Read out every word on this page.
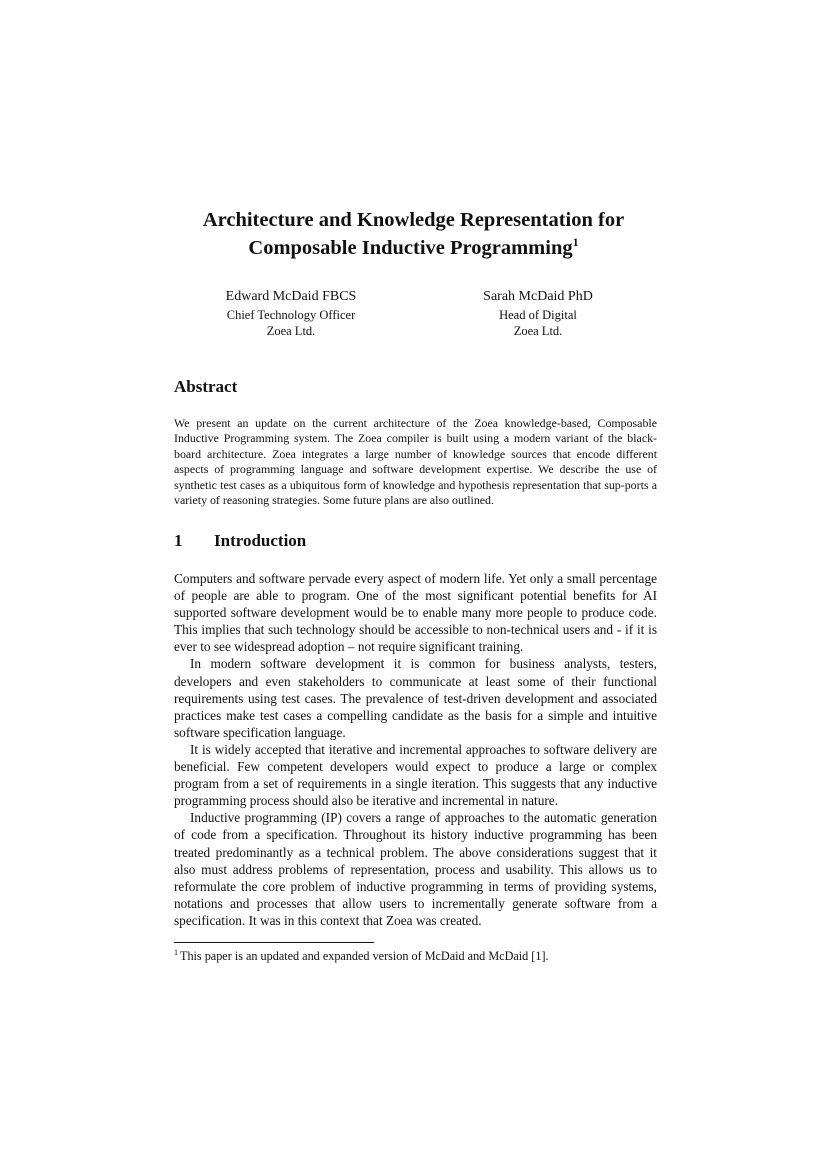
Architecture and Knowledge Representation for
Composable Inductive Programming$^1$
Edward McDaid FBCS
Chief Technology Officer
Zoea Ltd.
Sarah McDaid PhD
Head of Digital
Zoea Ltd.
Abstract

We present an update on the current architecture of the Zoea knowledge-based, Composable Inductive Programming system. The Zoea compiler is built using a modern variant of the black-board architecture. Zoea integrates a large number of knowledge sources that encode different aspects of programming language and software development expertise. We describe the use of synthetic test cases as a ubiquitous form of knowledge and hypothesis representation that sup-ports a variety of reasoning strategies. Some future plans are also outlined.

1 Introduction

Computers and software pervade every aspect of modern life. Yet only a small percentage of people are able to program. One of the most significant potential benefits for AI supported software development would be to enable many more people to produce code. This implies that such technology should be accessible to non-technical users and - if it is ever to see widespread adoption – not require significant training.

In modern software development it is common for business analysts, testers, developers and even stakeholders to communicate at least some of their functional requirements using test cases. The prevalence of test-driven development and associated practices make test cases a compelling candidate as the basis for a simple and intuitive software specification language.

It is widely accepted that iterative and incremental approaches to software delivery are beneficial. Few competent developers would expect to produce a large or complex program from a set of requirements in a single iteration. This suggests that any inductive programming process should also be iterative and incremental in nature.

Inductive programming (IP) covers a range of approaches to the automatic generation of code from a specification. Throughout its history inductive programming has been treated predominantly as a technical problem. The above considerations suggest that it also must address problems of representation, process and usability. This allows us to reformulate the core problem of inductive programming in terms of providing systems, notations and processes that allow users to incrementally generate software from a specification. It was in this context that Zoea was created.

$^1$ This paper is an updated and expanded version of McDaid and McDaid [1].
